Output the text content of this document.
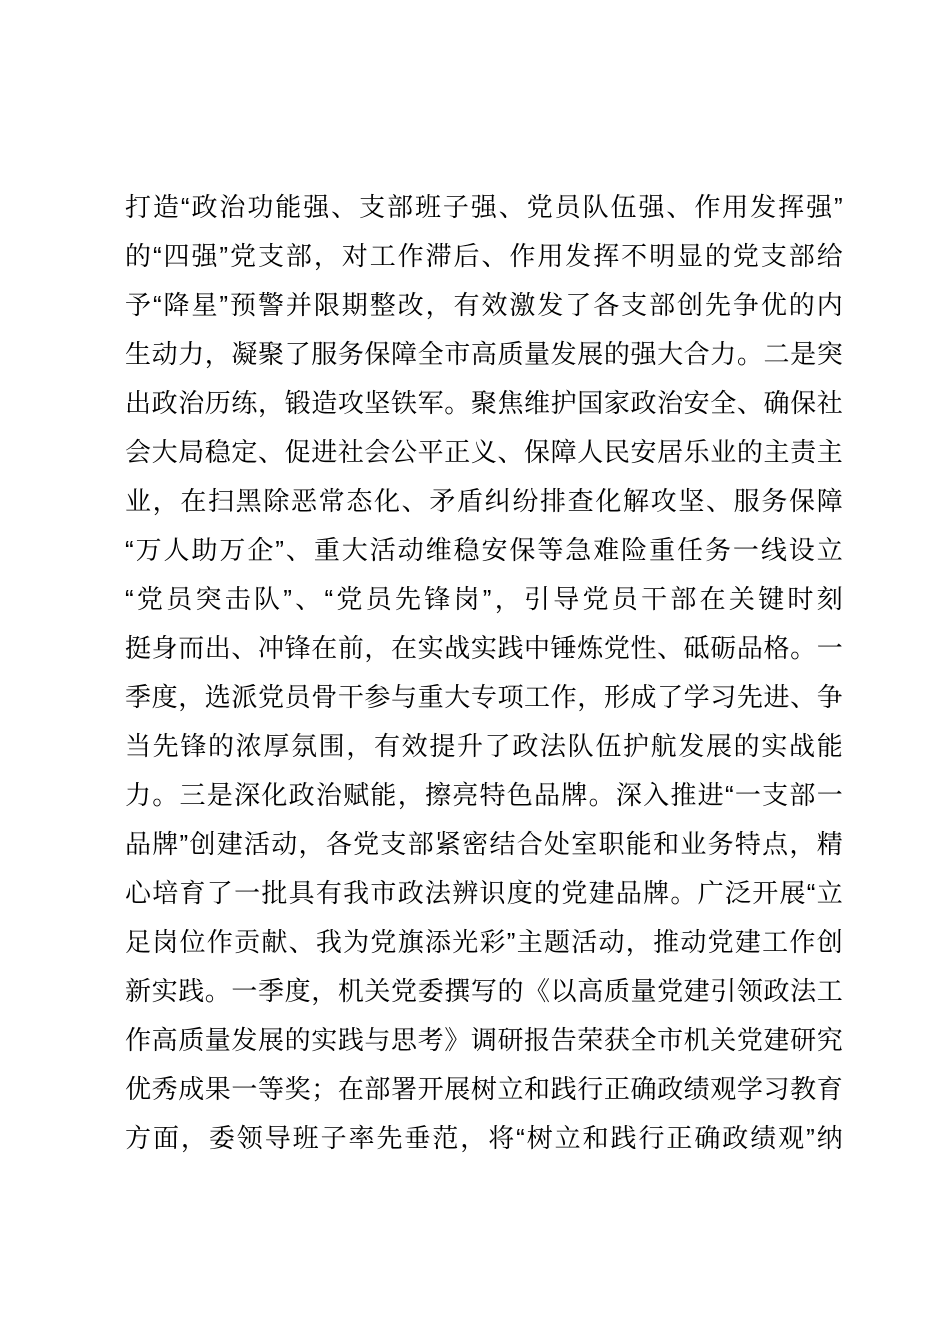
打造“政治功能强、支部班子强、党员队伍强、作用发挥强”
的“四强”党支部，对工作滞后、作用发挥不明显的党支部给
予“降星”预警并限期整改，有效激发了各支部创先争优的内
生动力，凝聚了服务保障全市高质量发展的强大合力。二是突
出政治历练，锻造攻坚铁军。聚焦维护国家政治安全、确保社
会大局稳定、促进社会公平正义、保障人民安居乐业的主责主
业，在扫黑除恶常态化、矛盾纠纷排查化解攻坚、服务保障
“万人助万企”、重大活动维稳安保等急难险重任务一线设立
“党员突击队”、“党员先锋岗”，引导党员干部在关键时刻
挺身而出、冲锋在前，在实战实践中锤炼党性、砥砺品格。一
季度，选派党员骨干参与重大专项工作，形成了学习先进、争
当先锋的浓厚氛围，有效提升了政法队伍护航发展的实战能
力。三是深化政治赋能，擦亮特色品牌。深入推进“一支部一
品牌”创建活动，各党支部紧密结合处室职能和业务特点，精
心培育了一批具有我市政法辨识度的党建品牌。广泛开展“立
足岗位作贡献、我为党旗添光彩”主题活动，推动党建工作创
新实践。一季度，机关党委撰写的《以高质量党建引领政法工
作高质量发展的实践与思考》调研报告荣获全市机关党建研究
优秀成果一等奖；在部署开展树立和践行正确政绩观学习教育
方面，委领导班子率先垂范，将“树立和践行正确政绩观”纳
